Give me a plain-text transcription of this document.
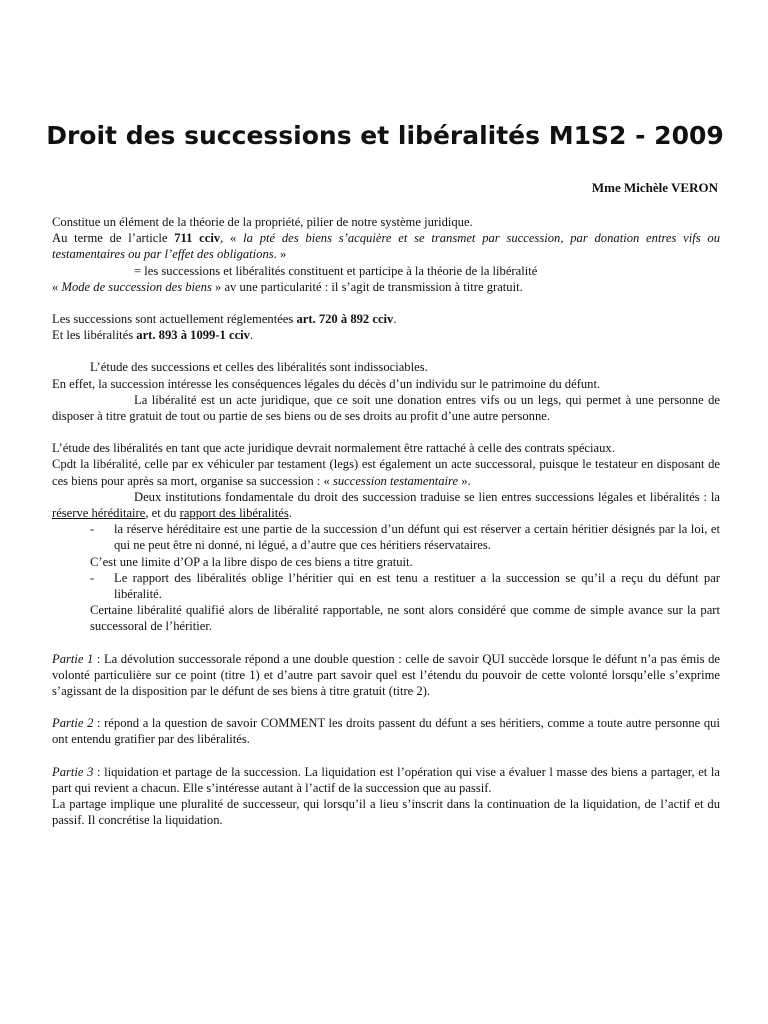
Droit des successions et libéralités M1S2 - 2009
Mme Michèle VERON

Constitue un élément de la théorie de la propriété, pilier de notre système juridique.

Au terme de l’article 711 cciv, « la pté des biens s’acquière et se transmet par succession, par donation entres vifs ou testamentaires ou par l’effet des obligations. »

= les successions et libéralités constituent et participe à la théorie de la libéralité

« Mode de succession des biens » av une particularité : il s’agit de transmission à titre gratuit.

Les successions sont actuellement réglementées art. 720 à 892 cciv.

Et les libéralités art. 893 à 1099-1 cciv.

L’étude des successions et celles des libéralités sont indissociables.

En effet, la succession intéresse les conséquences légales du décès d’un individu sur le patrimoine du défunt.

La libéralité est un acte juridique, que ce soit une donation entres vifs ou un legs, qui permet à une personne de disposer à titre gratuit de tout ou partie de ses biens ou de ses droits au profit d’une autre personne.

L’étude des libéralités en tant que acte juridique devrait normalement être rattaché à celle des contrats spéciaux.

Cpdt la libéralité, celle par ex véhiculer par testament (legs) est également un acte successoral, puisque le testateur en disposant de ces biens pour après sa mort, organise sa succession : « succession testamentaire ».

Deux institutions fondamentale du droit des succession traduise se lien entres successions légales et libéralités : la réserve héréditaire, et du rapport des libéralités.

-	la réserve héréditaire est une partie de la succession d’un défunt qui est réserver a certain héritier désignés par la loi, et qui ne peut être ni donné, ni légué, a d’autre que ces héritiers réservataires.

C’est une limite d’OP a la libre dispo de ces biens a titre gratuit.

-	Le rapport des libéralités oblige l’héritier qui en est tenu a restituer a la succession se qu’il a reçu du défunt par libéralité.

Certaine libéralité qualifié alors de libéralité rapportable, ne sont alors considéré que comme de simple avance sur la part successoral de l’héritier.

Partie 1 : La dévolution successorale répond a une double question : celle de savoir QUI succède lorsque le défunt n’a pas émis de volonté particulière sur ce point (titre 1) et d’autre part savoir quel est l’étendu du pouvoir de cette volonté lorsqu’elle s’exprime s’agissant de la disposition par le défunt de ses biens à titre gratuit (titre 2).

Partie 2 : répond a la question de savoir COMMENT les droits passent du défunt a ses héritiers, comme a toute autre personne qui ont entendu gratifier par des libéralités.

Partie 3 : liquidation et partage de la succession. La liquidation est l’opération qui vise a évaluer l masse des biens a partager, et la part qui revient a chacun. Elle s’intéresse autant à l’actif de la succession que au passif.

La partage implique une pluralité de successeur, qui lorsqu’il a lieu s’inscrit dans la continuation de la liquidation, de l’actif et du passif. Il concrétise la liquidation.
